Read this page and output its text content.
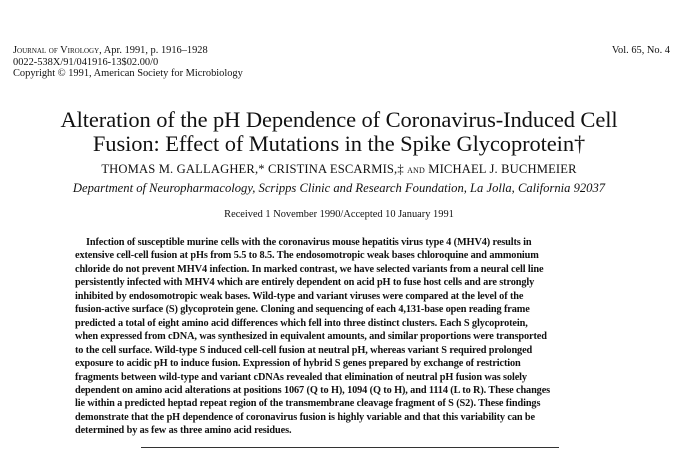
Journal of Virology, Apr. 1991, p. 1916–1928
0022-538X/91/041916-13$02.00/0
Copyright © 1991, American Society for Microbiology
Vol. 65, No. 4
Alteration of the pH Dependence of Coronavirus-Induced Cell
Fusion: Effect of Mutations in the Spike Glycoprotein†
THOMAS M. GALLAGHER,* CRISTINA ESCARMIS,‡ and MICHAEL J. BUCHMEIER
Department of Neuropharmacology, Scripps Clinic and Research Foundation, La Jolla, California 92037
Received 1 November 1990/Accepted 10 January 1991
Infection of susceptible murine cells with the coronavirus mouse hepatitis virus type 4 (MHV4) results in
extensive cell-cell fusion at pHs from 5.5 to 8.5. The endosomotropic weak bases chloroquine and ammonium
chloride do not prevent MHV4 infection. In marked contrast, we have selected variants from a neural cell line
persistently infected with MHV4 which are entirely dependent on acid pH to fuse host cells and are strongly
inhibited by endosomotropic weak bases. Wild-type and variant viruses were compared at the level of the
fusion-active surface (S) glycoprotein gene. Cloning and sequencing of each 4,131-base open reading frame
predicted a total of eight amino acid differences which fell into three distinct clusters. Each S glycoprotein,
when expressed from cDNA, was synthesized in equivalent amounts, and similar proportions were transported
to the cell surface. Wild-type S induced cell-cell fusion at neutral pH, whereas variant S required prolonged
exposure to acidic pH to induce fusion. Expression of hybrid S genes prepared by exchange of restriction
fragments between wild-type and variant cDNAs revealed that elimination of neutral pH fusion was solely
dependent on amino acid alterations at positions 1067 (Q to H), 1094 (Q to H), and 1114 (L to R). These changes
lie within a predicted heptad repeat region of the transmembrane cleavage fragment of S (S2). These findings
demonstrate that the pH dependence of coronavirus fusion is highly variable and that this variability can be
determined by as few as three amino acid residues.
